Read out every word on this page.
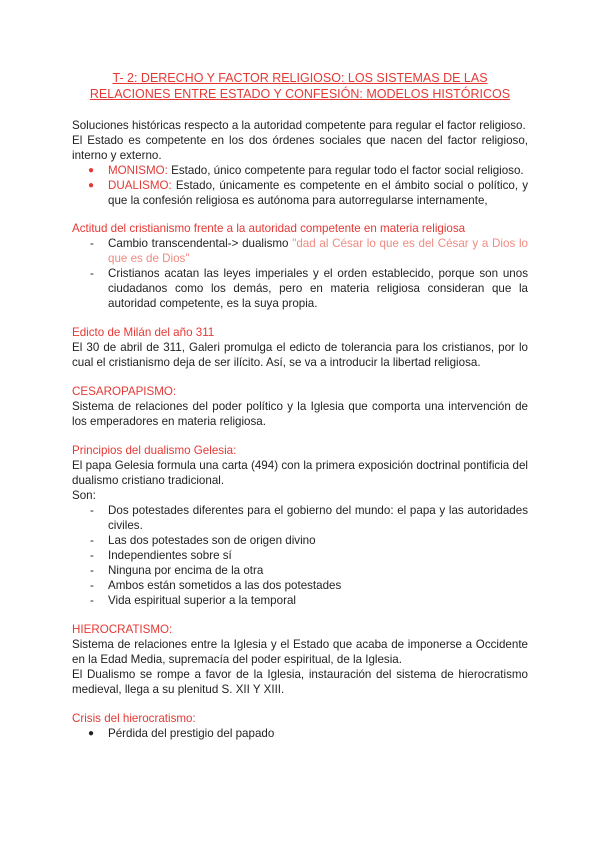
T- 2: DERECHO Y FACTOR RELIGIOSO: LOS SISTEMAS DE LAS
RELACIONES ENTRE ESTADO Y CONFESIÓN: MODELOS HISTÓRICOS

Soluciones históricas respecto a la autoridad competente para regular el factor religioso.

El Estado es competente en los dos órdenes sociales que nacen del factor religioso, interno y externo.

● MONISMO: Estado, único competente para regular todo el factor social religioso.
● DUALISMO: Estado, únicamente es competente en el ámbito social o político, y que la confesión religiosa es autónoma para autorregularse internamente,

Actitud del cristianismo frente a la autoridad competente en materia religiosa

- Cambio transcendental-> dualismo "dad al César lo que es del César y a Dios lo que es de Dios"
- Cristianos acatan las leyes imperiales y el orden establecido, porque son unos ciudadanos como los demás, pero en materia religiosa consideran que la autoridad competente, es la suya propia.

Edicto de Milán del año 311

El 30 de abril de 311, Galeri promulga el edicto de tolerancia para los cristianos, por lo cual el cristianismo deja de ser ilícito. Así, se va a introducir la libertad religiosa.

CESAROPAPISMO:

Sistema de relaciones del poder político y la Iglesia que comporta una intervención de los emperadores en materia religiosa.

Principios del dualismo Gelesia:

El papa Gelesia formula una carta (494) con la primera exposición doctrinal pontificia del dualismo cristiano tradicional.

Son:

- Dos potestades diferentes para el gobierno del mundo: el papa y las autoridades civiles.
- Las dos potestades son de origen divino
- Independientes sobre sí
- Ninguna por encima de la otra
- Ambos están sometidos a las dos potestades
- Vida espiritual superior a la temporal

HIEROCRATISMO:

Sistema de relaciones entre la Iglesia y el Estado que acaba de imponerse a Occidente en la Edad Media, supremacía del poder espiritual, de la Iglesia.

El Dualismo se rompe a favor de la Iglesia, instauración del sistema de hierocratismo medieval, llega a su plenitud S. XII Y XIII.

Crisis del hierocratismo:

● Pérdida del prestigio del papado
